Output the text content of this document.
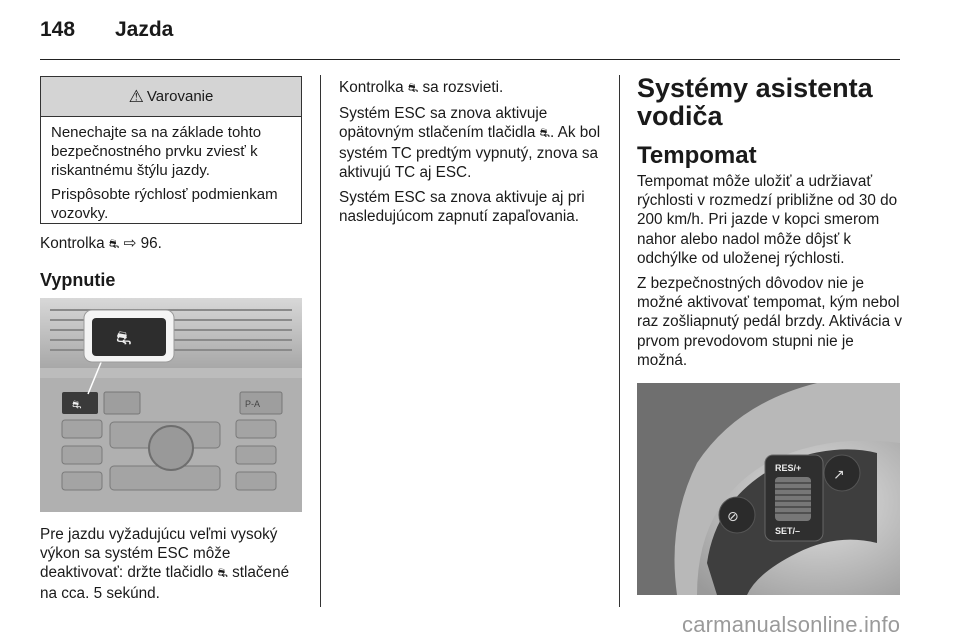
148 Jazda
⚠ Varovanie

Nenechajte sa na základe tohto bezpečnostného prvku zviesť k riskantnému štýlu jazdy.

Prispôsobte rýchlosť podmienkam vozovky.

Kontrolka ⛐ ⇨ 96.
Vypnutie
⛐	P-A
⛐
Pre jazdu vyžadujúcu veľmi vysoký výkon sa systém ESC môže deaktivovať: držte tlačidlo ⛐ stlačené na cca. 5 sekúnd.

Kontrolka ⛐ sa rozsvieti.

Systém ESC sa znova aktivuje opätovným stlačením tlačidla ⛐. Ak bol systém TC predtým vypnutý, znova sa aktivujú TC aj ESC.

Systém ESC sa znova aktivuje aj pri nasledujúcom zapnutí zapaľovania.

Systémy asistenta vodiča
Tempomat

Tempomat môže uložiť a udržiavať rýchlosti v rozmedzí približne od 30 do 200 km/h. Pri jazde v kopci smerom nahor alebo nadol môže dôjsť k odchýlke od uloženej rýchlosti.

Z bezpečnostných dôvodov nie je možné aktivovať tempomat, kým nebol raz zošliapnutý pedál brzdy. Aktivácia v prvom prevodovom stupni nie je možná.

⊘
↗
RES/+
SET/–
carmanualsonline.info
